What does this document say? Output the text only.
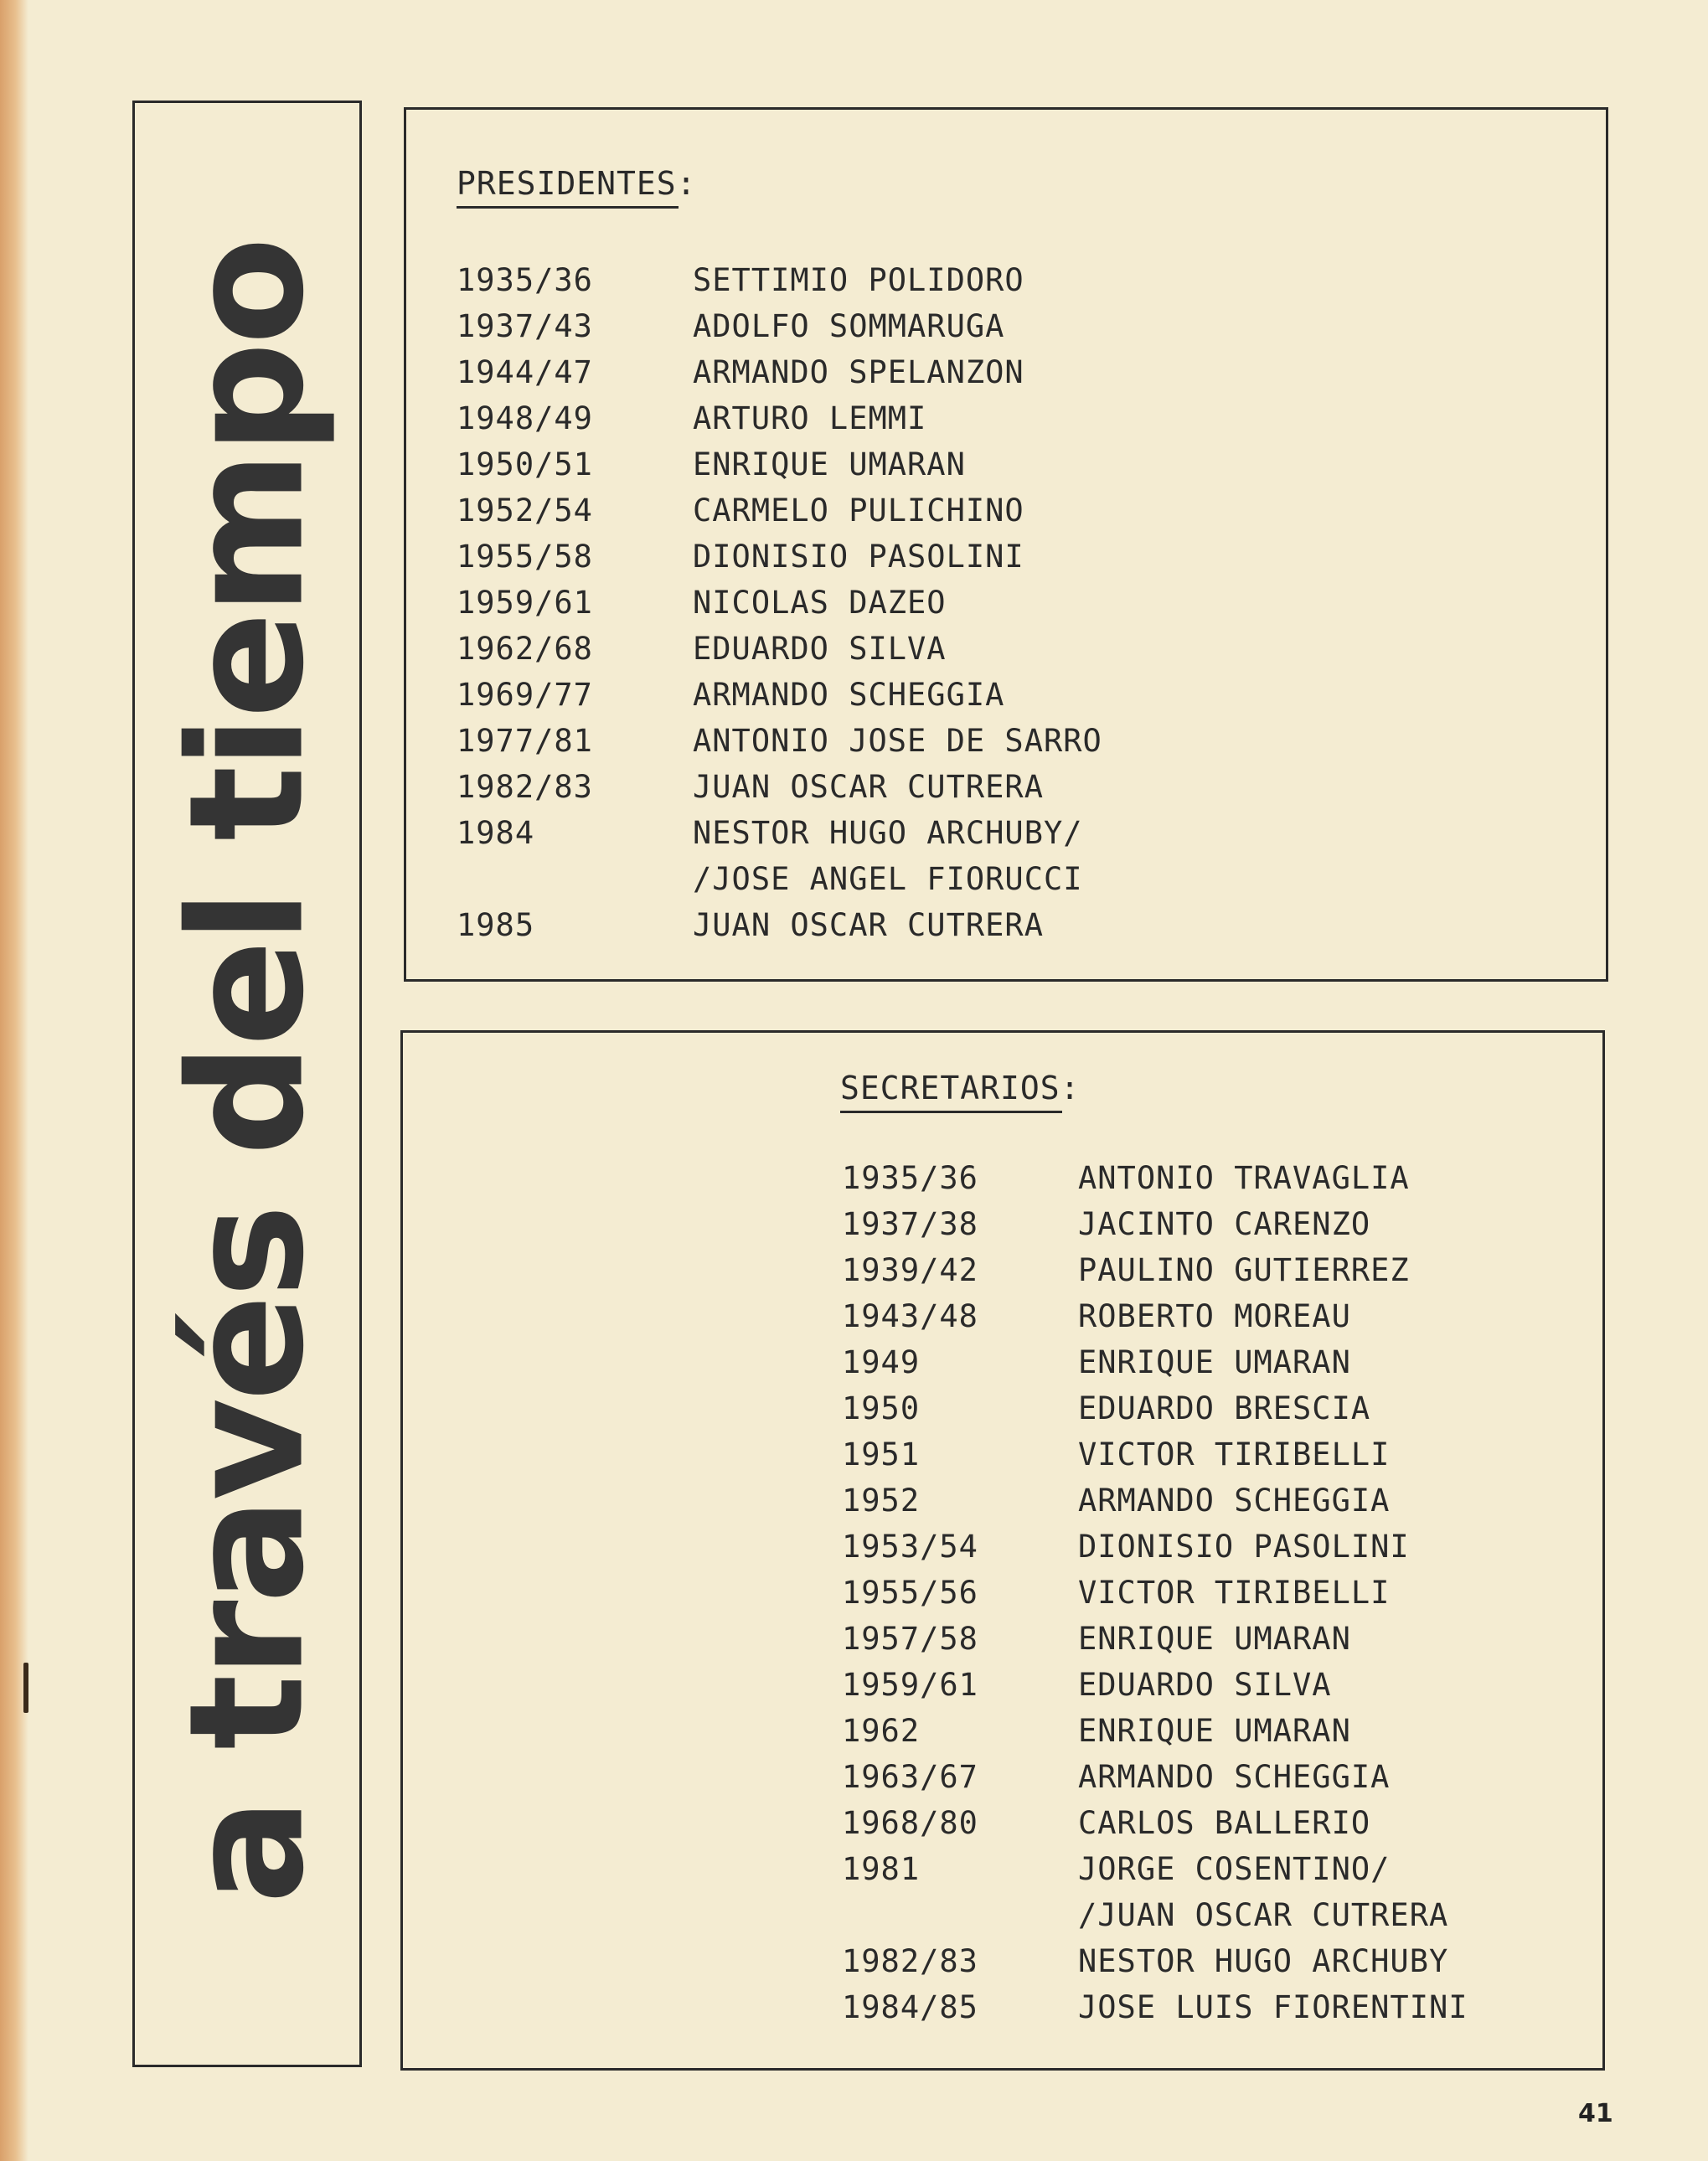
a través del tiempo
PRESIDENTES:
1935/36	SETTIMIO POLIDORO
1937/43	ADOLFO SOMMARUGA
1944/47	ARMANDO SPELANZON
1948/49	ARTURO LEMMI
1950/51	ENRIQUE UMARAN
1952/54	CARMELO PULICHINO
1955/58	DIONISIO PASOLINI
1959/61	NICOLAS DAZEO
1962/68	EDUARDO SILVA
1969/77	ARMANDO SCHEGGIA
1977/81	ANTONIO JOSE DE SARRO
1982/83	JUAN OSCAR CUTRERA
1984	NESTOR HUGO ARCHUBY/
/JOSE ANGEL FIORUCCI
1985	JUAN OSCAR CUTRERA
SECRETARIOS:
1935/36	ANTONIO TRAVAGLIA
1937/38	JACINTO CARENZO
1939/42	PAULINO GUTIERREZ
1943/48	ROBERTO MOREAU
1949	ENRIQUE UMARAN
1950	EDUARDO BRESCIA
1951	VICTOR TIRIBELLI
1952	ARMANDO SCHEGGIA
1953/54	DIONISIO PASOLINI
1955/56	VICTOR TIRIBELLI
1957/58	ENRIQUE UMARAN
1959/61	EDUARDO SILVA
1962	ENRIQUE UMARAN
1963/67	ARMANDO SCHEGGIA
1968/80	CARLOS BALLERIO
1981	JORGE COSENTINO/
/JUAN OSCAR CUTRERA
1982/83	NESTOR HUGO ARCHUBY
1984/85	JOSE LUIS FIORENTINI
41
